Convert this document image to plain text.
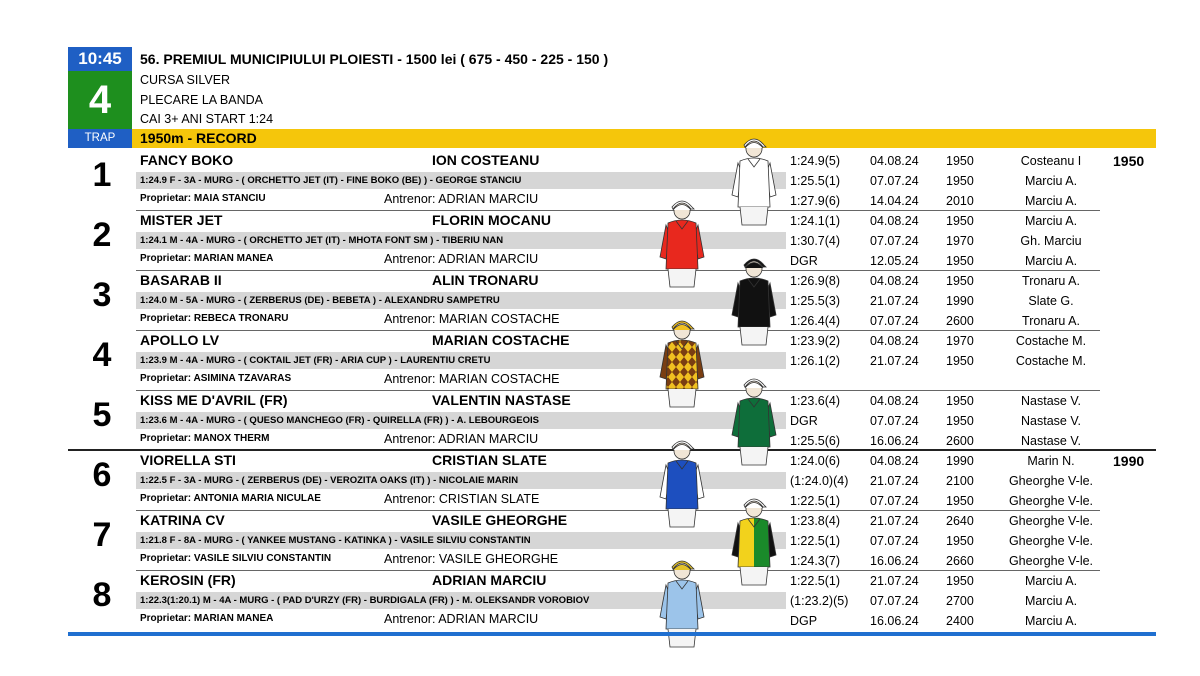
10:45
4
56. PREMIUL MUNICIPIULUI PLOIESTI - 1500 lei ( 675 - 450 - 225 - 150 )
CURSA SILVER
PLECARE LA BANDA
CAI 3+ ANI START 1:24
TRAP	1950m - RECORD
1	FANCY BOKO	ION COSTEANU
1:24.9 F - 3A - MURG - ( ORCHETTO JET (IT) - FINE BOKO (BE) ) - GEORGE STANCIU
Proprietar: MAIA STANCIU	Antrenor: ADRIAN MARCIU
1950
1:24.9(5) 04.08.24 1950	Costeanu I
1:25.5(1) 07.07.24 1950	Marciu A.
1:27.9(6) 14.04.24 2010	Marciu A.
2	MISTER JET	FLORIN MOCANU
1:24.1 M - 4A - MURG - ( ORCHETTO JET (IT) - MHOTA FONT SM ) - TIBERIU NAN
Proprietar: MARIAN MANEA	Antrenor: ADRIAN MARCIU
1:24.1(1) 04.08.24 1950	Marciu A.
1:30.7(4) 07.07.24 1970	Gh. Marciu
DGR	12.05.24 1950	Marciu A.
3	BASARAB II	ALIN TRONARU
1:24.0 M - 5A - MURG - ( ZERBERUS (DE) - BEBETA ) - ALEXANDRU SAMPETRU
Proprietar: REBECA TRONARU	Antrenor: MARIAN COSTACHE
1:26.9(8) 04.08.24 1950	Tronaru A.
1:25.5(3) 21.07.24 1990	Slate G.
1:26.4(4) 07.07.24 2600	Tronaru A.
4	APOLLO LV	MARIAN COSTACHE
1:23.9 M - 4A - MURG - ( COKTAIL JET (FR) - ARIA CUP ) - LAURENTIU CRETU
Proprietar: ASIMINA TZAVARAS	Antrenor: MARIAN COSTACHE
1:23.9(2) 04.08.24 1970	Costache M.
1:26.1(2) 21.07.24 1950	Costache M.
5	KISS ME D'AVRIL (FR)	VALENTIN NASTASE
1:23.6 M - 4A - MURG - ( QUESO MANCHEGO (FR) - QUIRELLA (FR) ) - A. LEBOURGEOIS
Proprietar: MANOX THERM	Antrenor: ADRIAN MARCIU
1:23.6(4) 04.08.24 1950	Nastase V.
DGR	07.07.24 1950	Nastase V.
1:25.5(6) 16.06.24 2600	Nastase V.
6	VIORELLA STI	CRISTIAN SLATE
1:22.5 F - 3A - MURG - ( ZERBERUS (DE) - VEROZITA OAKS (IT) ) - NICOLAIE MARIN
Proprietar: ANTONIA MARIA NICULAE	Antrenor: CRISTIAN SLATE
1990
1:24.0(6) 04.08.24 1990	Marin N.
(1:24.0)(4) 21.07.24 2100	Gheorghe V-le.
1:22.5(1) 07.07.24 1950	Gheorghe V-le.
7	KATRINA CV	VASILE GHEORGHE
1:21.8 F - 8A - MURG - ( YANKEE MUSTANG - KATINKA ) - VASILE SILVIU CONSTANTIN
Proprietar: VASILE SILVIU CONSTANTIN	Antrenor: VASILE GHEORGHE
1:23.8(4) 21.07.24 2640	Gheorghe V-le.
1:22.5(1) 07.07.24 1950	Gheorghe V-le.
1:24.3(7) 16.06.24 2660	Gheorghe V-le.
8	KEROSIN (FR)	ADRIAN MARCIU
1:22.3(1:20.1) M - 4A - MURG - ( PAD D'URZY (FR) - BURDIGALA (FR) ) - M. OLEKSANDR VOROBIOV
Proprietar: MARIAN MANEA	Antrenor: ADRIAN MARCIU
1:22.5(1) 21.07.24 1950	Marciu A.
(1:23.2)(5) 07.07.24 2700	Marciu A.
DGP	16.06.24 2400	Marciu A.
